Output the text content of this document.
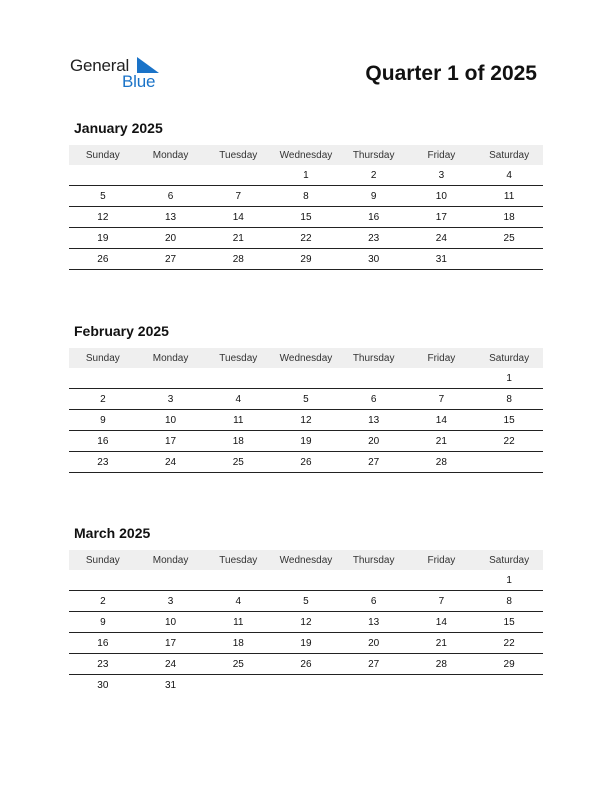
General
Blue	Quarter 1 of 2025
January 2025
Sunday	Monday	Tuesday	Wednesday	Thursday	Friday	Saturday
			1	2	3	4
5	6	7	8	9	10	11
12	13	14	15	16	17	18
19	20	21	22	23	24	25
26	27	28	29	30	31	
February 2025
Sunday	Monday	Tuesday	Wednesday	Thursday	Friday	Saturday
						1
2	3	4	5	6	7	8
9	10	11	12	13	14	15
16	17	18	19	20	21	22
23	24	25	26	27	28	
March 2025
Sunday	Monday	Tuesday	Wednesday	Thursday	Friday	Saturday
						1
2	3	4	5	6	7	8
9	10	11	12	13	14	15
16	17	18	19	20	21	22
23	24	25	26	27	28	29
30	31					
